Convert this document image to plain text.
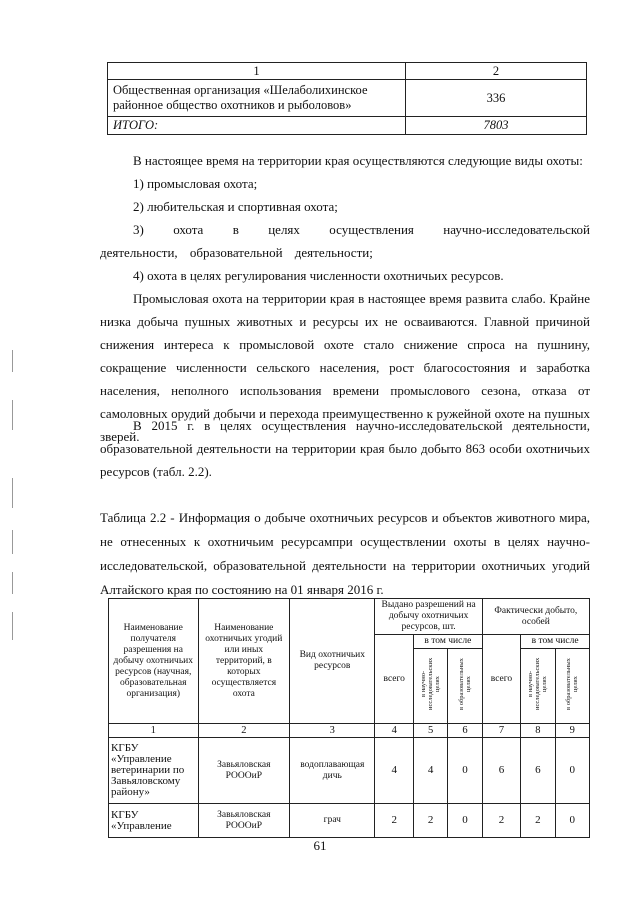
1	2
Общественная организация «Шелаболихинское районное общество охотников и рыболовов»	336
ИТОГО:	7803

В настоящее время на территории края осуществляются следующие виды охоты:

1) промысловая охота;

2) любительская и спортивная охота;

3) охота в целях осуществления научно-исследовательской деятельности, образовательной деятельности;

4) охота в целях регулирования численности охотничьих ресурсов.

Промысловая охота на территории края в настоящее время развита слабо. Крайне низка добыча пушных животных и ресурсы их не осваиваются. Главной причиной снижения интереса к промысловой охоте стало снижение спроса на пушнину, сокращение численности сельского населения, рост благосостояния и заработка населения, неполного использования времени промыслового сезона, отказа от самоловных орудий добычи и перехода преимущественно к ружейной охоте на пушных зверей.

В 2015 г. в целях осуществления научно-исследовательской деятельности, образовательной деятельности на территории края было добыто 863 особи охотничьих ресурсов (табл. 2.2).

Таблица 2.2 - Информация о добыче охотничьих ресурсов и объектов животного мира, не отнесенных к охотничьим ресурсампри осуществлении охоты в целях научно-исследовательской, образовательной деятельности на территории охотничьих угодий Алтайского края по состоянию на 01 января 2016 г.

Наименование получателя разрешения на добычу охотничьих ресурсов (научная, образовательная организация)	Наименование охотничьих угодий или иных территорий, в которых осуществляется охота	Вид охотничьих ресурсов	Выдано разрешений на добычу охотничьих ресурсов, шт.			Фактически добыто, особей		
			всего	в том числе		всего	в том числе	
				в научно-исследовательских целях	в образовательных целях		в научно-исследовательских целях	в образовательных целях
1	2	3	4	5	6	7	8	9
КГБУ «Управление ветеринарии по Завьяловскому району»	Завьяловская РОООиР	водоплавающая дичь	4	4	0	6	6	0
КГБУ «Управление	Завьяловская РОООиР	грач	2	2	0	2	2	0
61
